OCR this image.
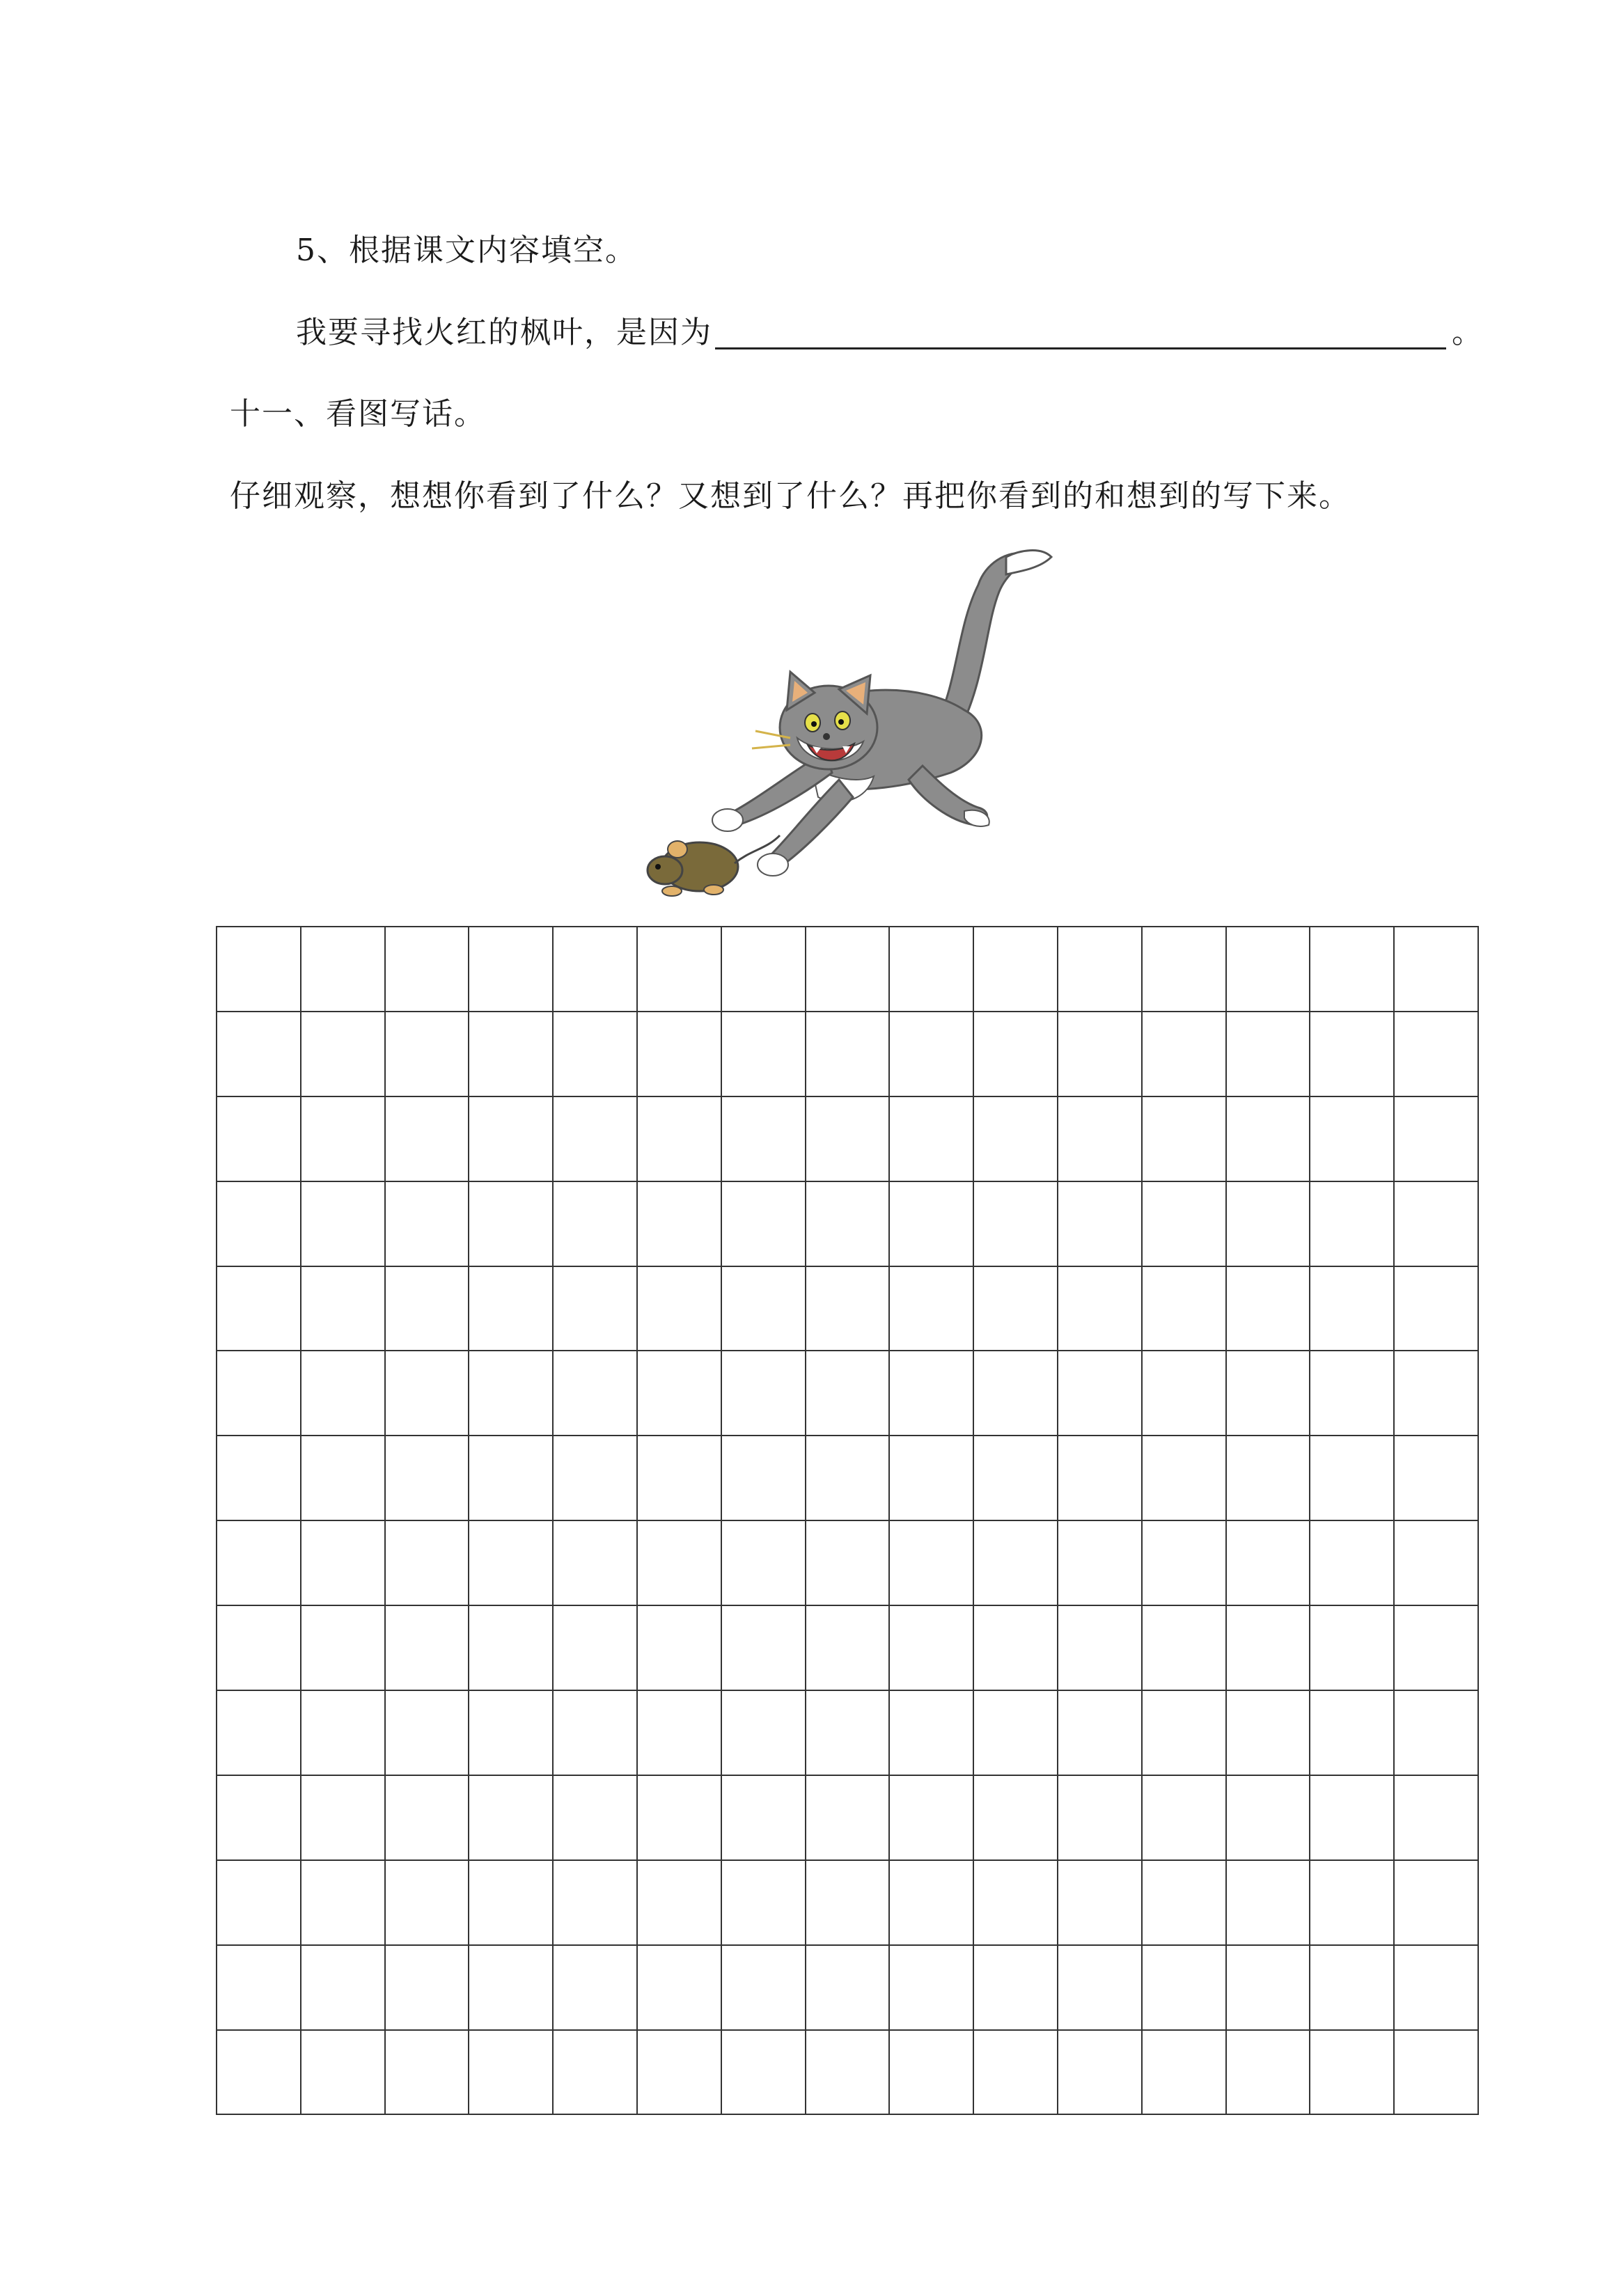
5、根据课文内容填空。
我要寻找火红的枫叶，是因为	。
十一、看图写话。
仔细观察，想想你看到了什么？又想到了什么？再把你看到的和想到的写下来。
